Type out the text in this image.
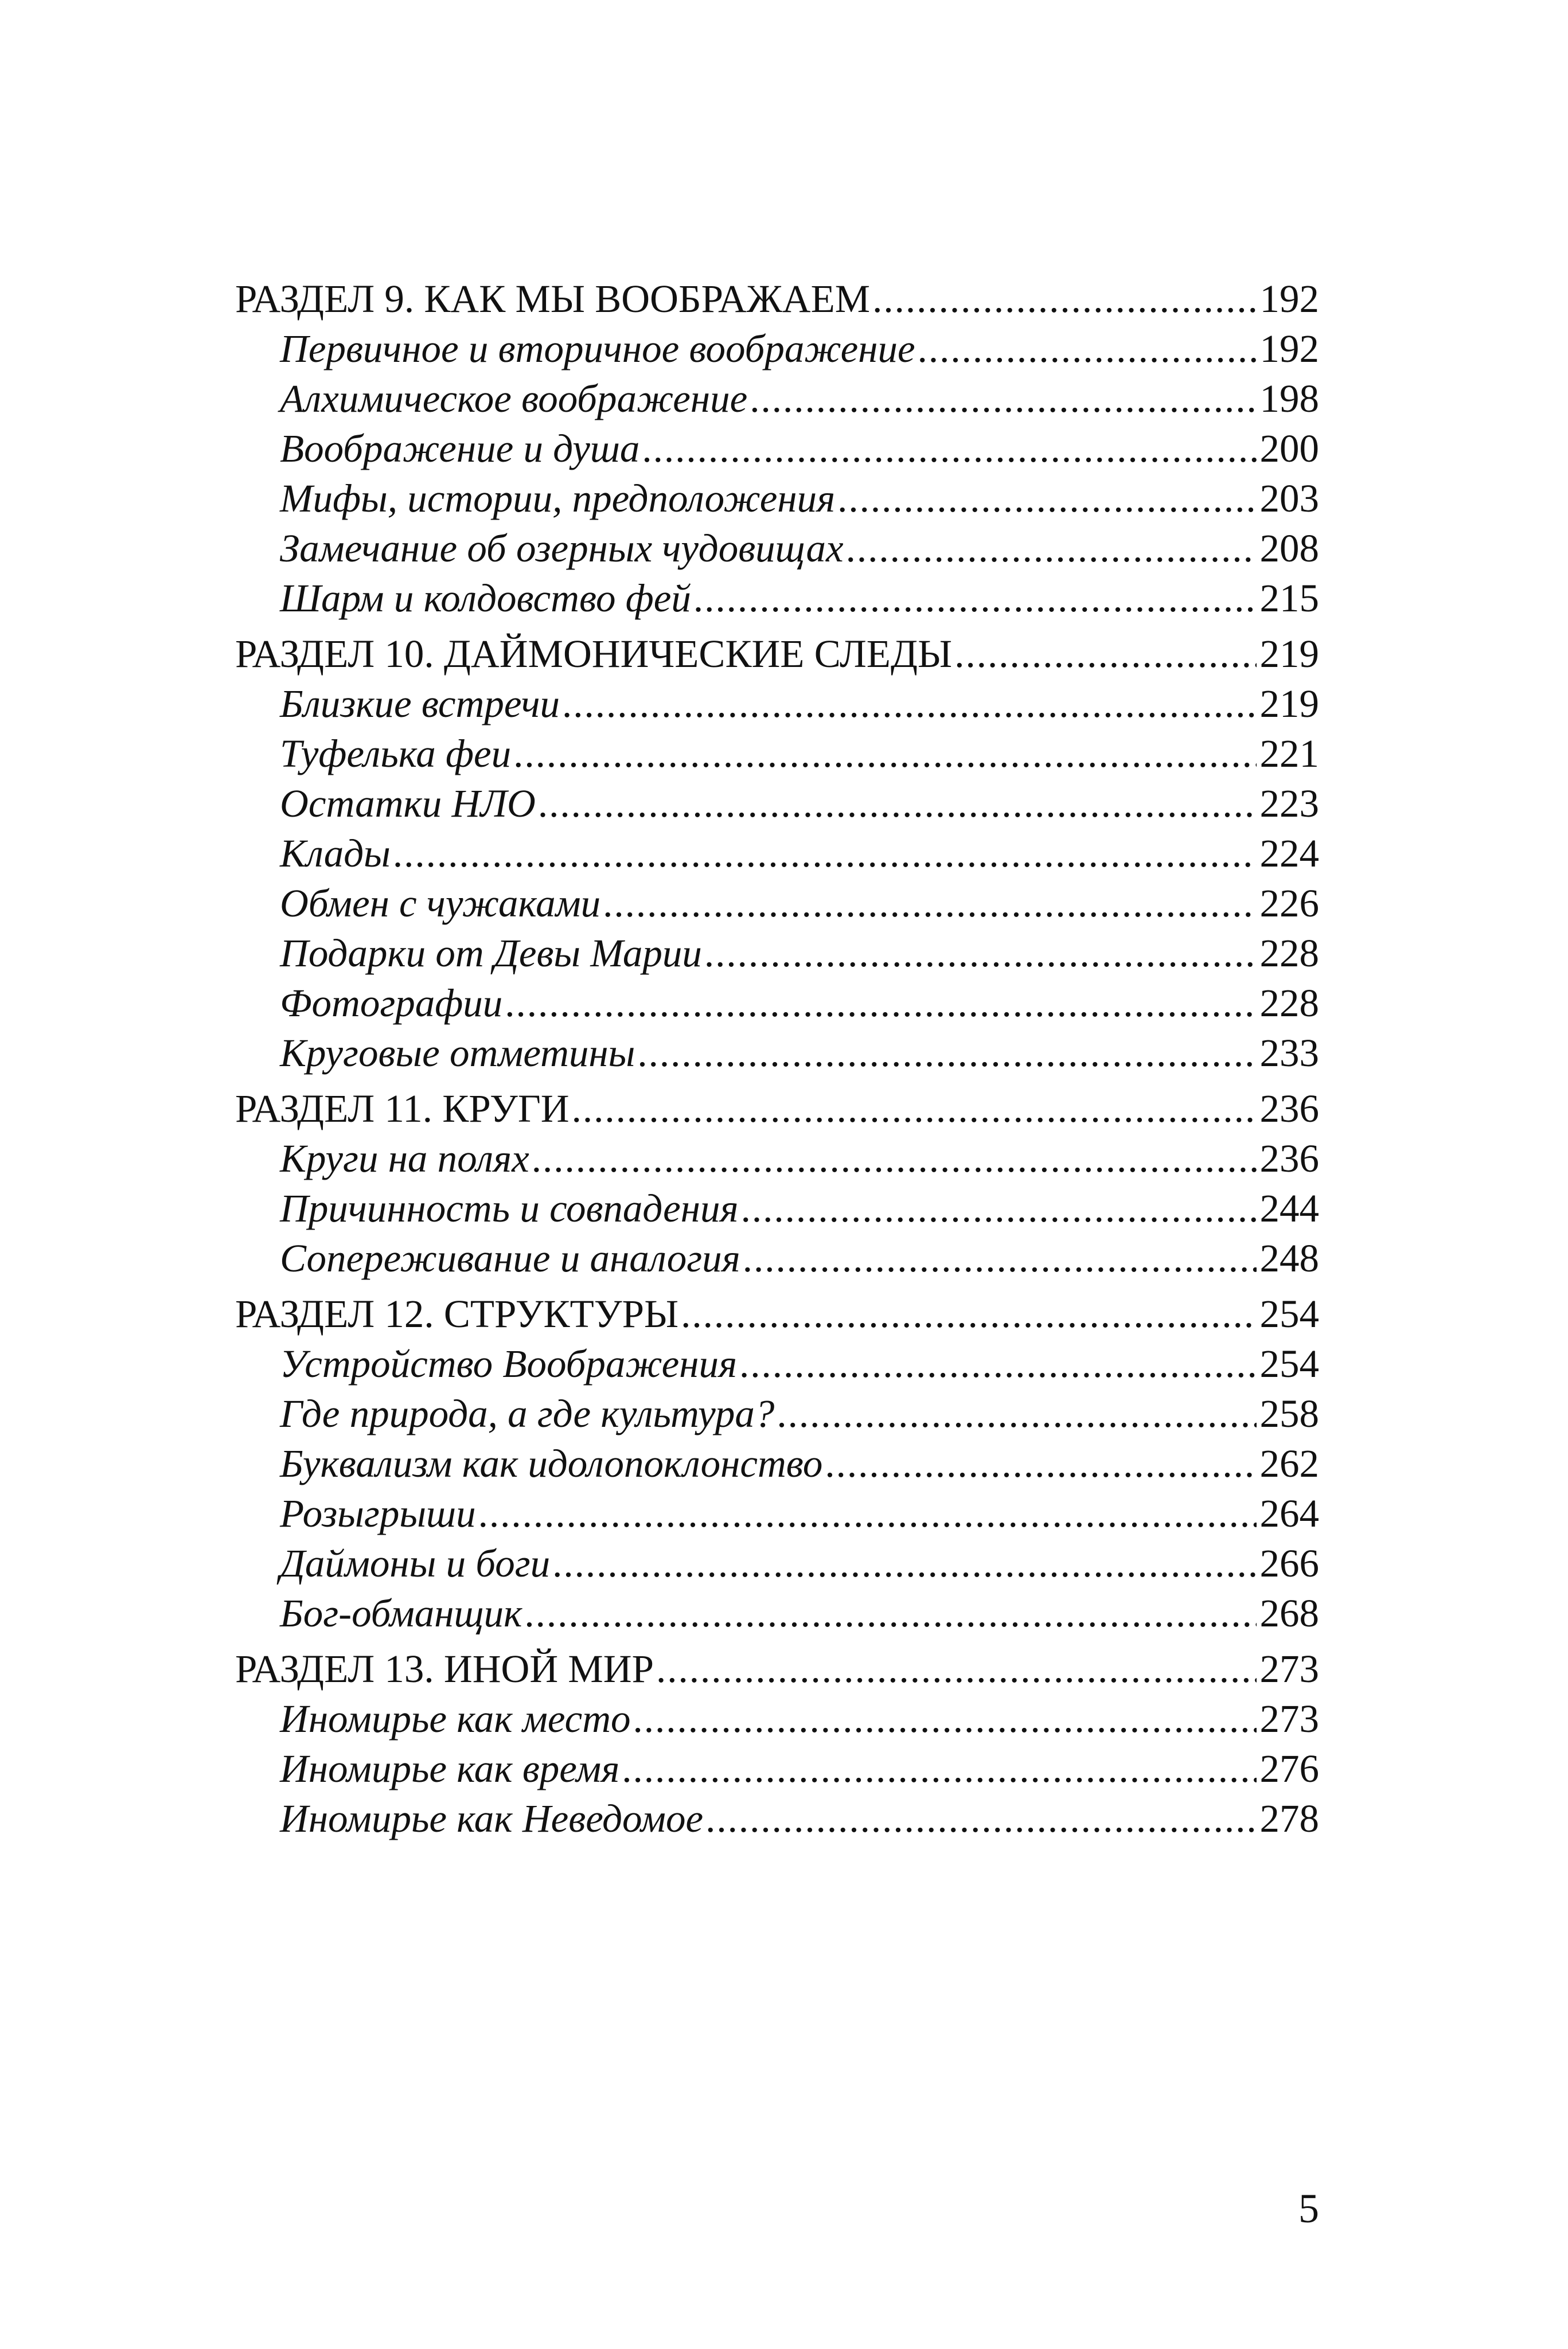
РАЗДЕЛ 9. КАК МЫ ВООБРАЖАЕМ .....	192
Первичное и вторичное воображение .....	192
Алхимическое воображение .....	198
Воображение и душа .....	200
Мифы, истории, предположения .....	203
Замечание об озерных чудовищах .....	208
Шарм и колдовство фей .....	215
РАЗДЕЛ 10. ДАЙМОНИЧЕСКИЕ СЛЕДЫ .....	219
Близкие встречи .....	219
Туфелька феи .....	221
Остатки НЛО .....	223
Клады .....	224
Обмен с чужаками .....	226
Подарки от Девы Марии .....	228
Фотографии .....	228
Круговые отметины .....	233
РАЗДЕЛ 11. КРУГИ .....	236
Круги на полях .....	236
Причинность и совпадения .....	244
Сопереживание и аналогия .....	248
РАЗДЕЛ 12. СТРУКТУРЫ .....	254
Устройство Воображения .....	254
Где природа, а где культура? .....	258
Буквализм как идолопоклонство .....	262
Розыгрыши .....	264
Даймоны и боги .....	266
Бог-обманщик .....	268
РАЗДЕЛ 13. ИНОЙ МИР .....	273
Иномирье как место .....	273
Иномирье как время .....	276
Иномирье как Неведомое .....	278
5
